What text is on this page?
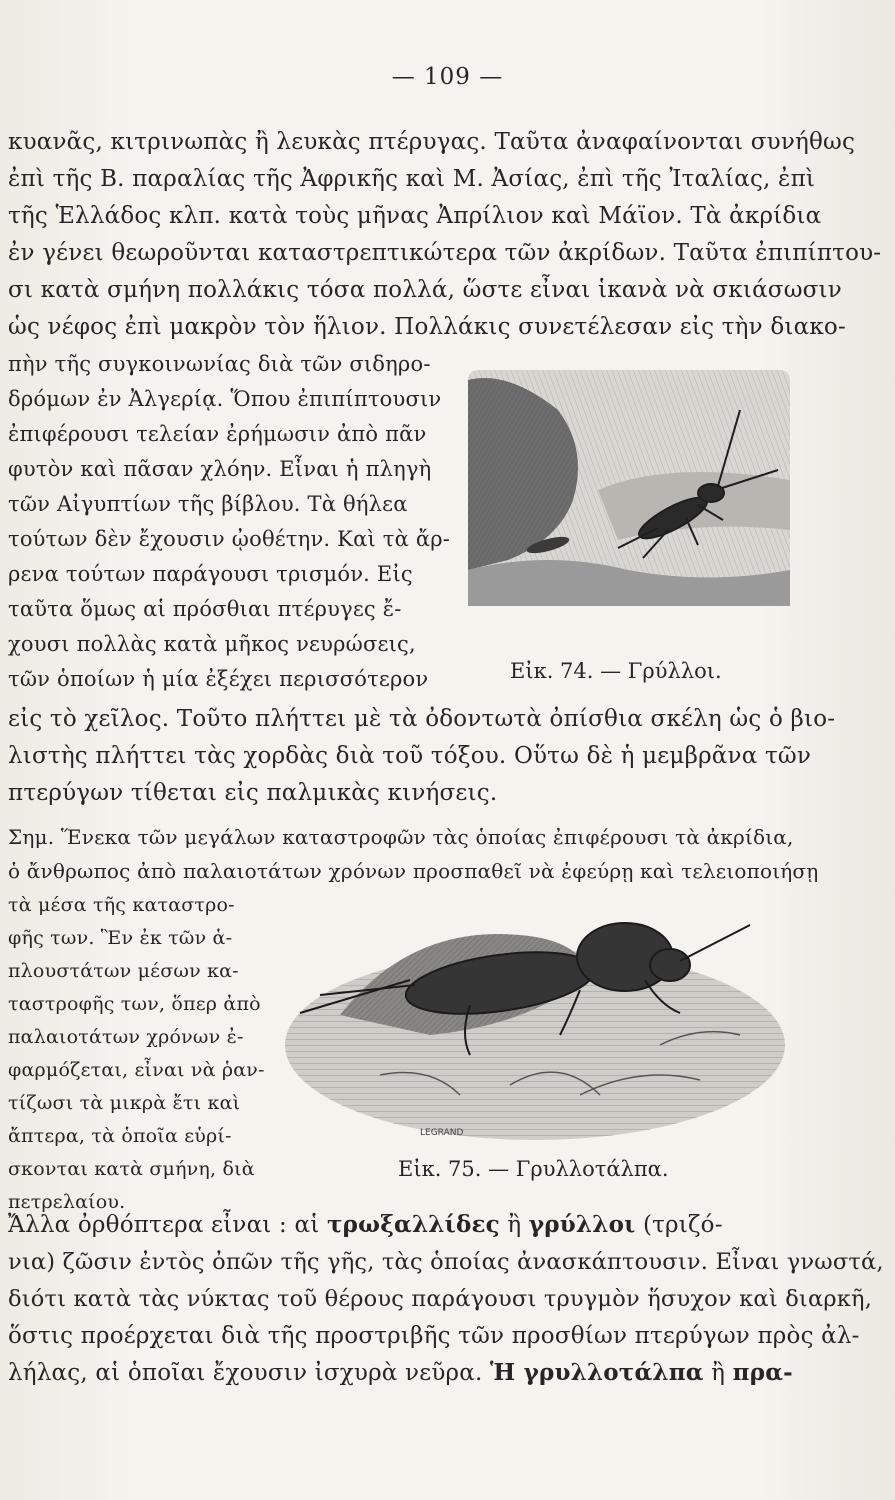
— 109 —
κυανᾶς, κιτρινωπὰς ἢ λευκὰς πτέρυγας. Ταῦτα ἀναφαίνονται συνήθως
ἐπὶ τῆς Β. παραλίας τῆς Ἀφρικῆς καὶ Μ. Ἀσίας, ἐπὶ τῆς Ἰταλίας, ἐπὶ
τῆς Ἑλλάδος κλπ. κατὰ τοὺς μῆνας Ἀπρίλιον καὶ Μάϊον. Τὰ ἀκρίδια
ἐν γένει θεωροῦνται καταστρεπτικώτερα τῶν ἀκρίδων. Ταῦτα ἐπιπίπτου-
σι κατὰ σμήνη πολλάκις τόσα πολλά, ὥστε εἶναι ἱκανὰ νὰ σκιάσωσιν
ὡς νέφος ἐπὶ μακρὸν τὸν ἥλιον. Πολλάκις συνετέλεσαν εἰς τὴν διακο-
πὴν τῆς συγκοινωνίας διὰ τῶν σιδηρο-
δρόμων ἐν Ἀλγερίᾳ. Ὅπου ἐπιπίπτουσιν
ἐπιφέρουσι τελείαν ἐρήμωσιν ἀπὸ πᾶν
φυτὸν καὶ πᾶσαν χλόην. Εἶναι ἡ πληγὴ
τῶν Αἰγυπτίων τῆς βίβλου. Τὰ θήλεα
τούτων δὲν ἔχουσιν ᾠοθέτην. Καὶ τὰ ἄρ-
ρενα τούτων παράγουσι τρισμόν. Εἰς
ταῦτα ὅμως αἱ πρόσθιαι πτέρυγες ἔ-
χουσι πολλὰς κατὰ μῆκος νευρώσεις,
τῶν ὁποίων ἡ μία ἐξέχει περισσότερον	Εἰκ. 74. — Γρύλλοι.
εἰς τὸ χεῖλος. Τοῦτο πλήττει μὲ τὰ ὀδοντωτὰ ὀπίσθια σκέλη ὡς ὁ βιο-
λιστὴς πλήττει τὰς χορδὰς διὰ τοῦ τόξου. Οὕτω δὲ ἡ μεμβρᾶνα τῶν
πτερύγων τίθεται εἰς παλμικὰς κινήσεις.
Σημ. Ἕνεκα τῶν μεγάλων καταστροφῶν τὰς ὁποίας ἐπιφέρουσι τὰ ἀκρίδια,
ὁ ἄνθρωπος ἀπὸ παλαιοτάτων χρόνων προσπαθεῖ νὰ ἐφεύρῃ καὶ τελειοποιήσῃ
τὰ μέσα τῆς καταστρο-
φῆς των. Ἓν ἐκ τῶν ἁ-
πλουστάτων μέσων κα-
ταστροφῆς των, ὅπερ ἀπὸ
παλαιοτάτων χρόνων ἐ-
φαρμόζεται, εἶναι νὰ ῥαν-
τίζωσι τὰ μικρὰ ἔτι καὶ
ἄπτερα, τὰ ὁποῖα εὑρί-
σκονται κατὰ σμήνη, διὰ
πετρελαίου.
LEGRAND
Εἰκ. 75. — Γρυλλοτάλπα.
Ἄλλα ὀρθόπτερα εἶναι : αἱ τρωξαλλίδες ἢ γρύλλοι (τριζό-
νια) ζῶσιν ἐντὸς ὀπῶν τῆς γῆς, τὰς ὁποίας ἀνασκάπτουσιν. Εἶναι γνωστά,
διότι κατὰ τὰς νύκτας τοῦ θέρους παράγουσι τρυγμὸν ἥσυχον καὶ διαρκῆ,
ὅστις προέρχεται διὰ τῆς προστριβῆς τῶν προσθίων πτερύγων πρὸς ἀλ-
λήλας, αἱ ὁποῖαι ἔχουσιν ἰσχυρὰ νεῦρα. Ἡ γρυλλοτάλπα ἢ πρα-
